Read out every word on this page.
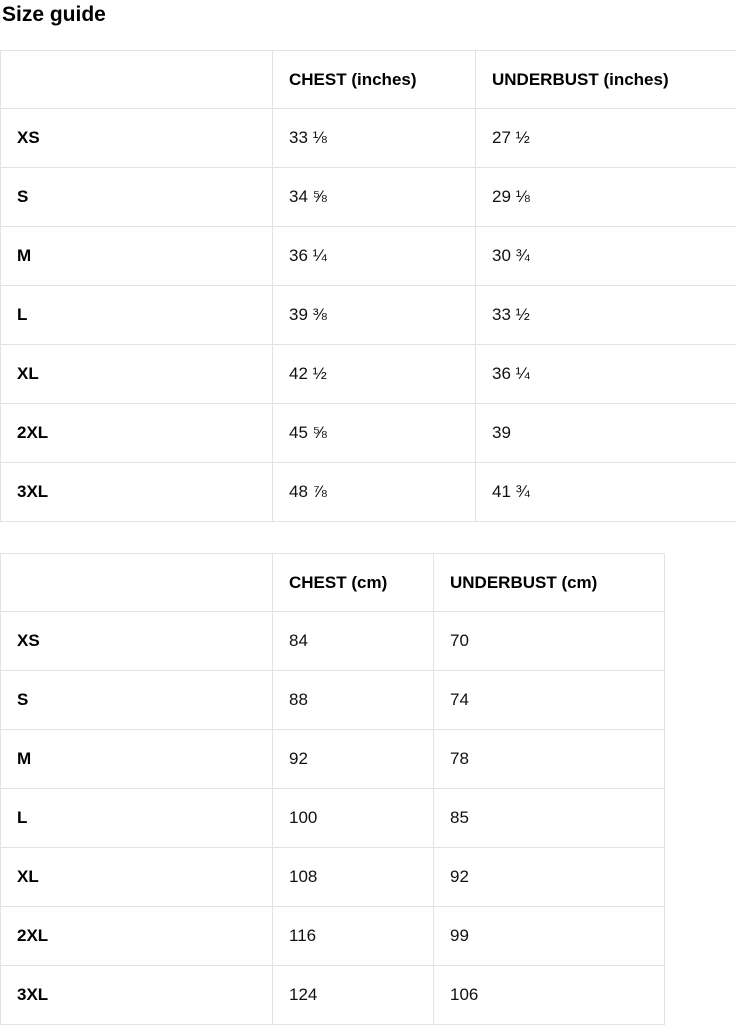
Size guide
	CHEST (inches)	UNDERBUST (inches)
XS	33 ⅛	27 ½
S	34 ⅝	29 ⅛
M	36 ¼	30 ¾
L	39 ⅜	33 ½
XL	42 ½	36 ¼
2XL	45 ⅝	39
3XL	48 ⅞	41 ¾
	CHEST (cm)	UNDERBUST (cm)
XS	84	70
S	88	74
M	92	78
L	100	85
XL	108	92
2XL	116	99
3XL	124	106
